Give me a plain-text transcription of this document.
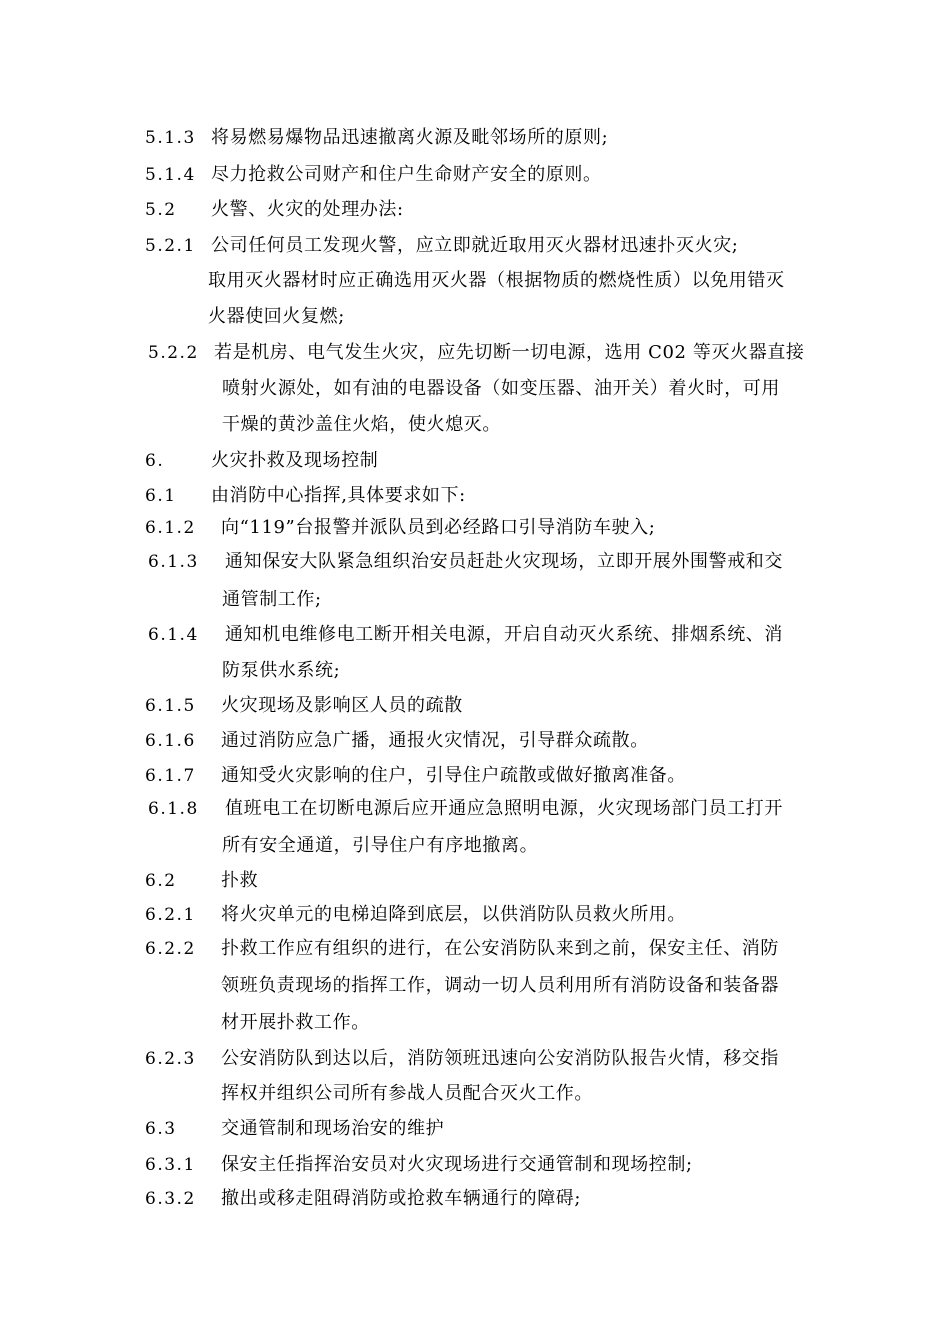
5.1.3 将易燃易爆物品迅速撤离火源及毗邻场所的原则;
5.1.4 尽力抢救公司财产和住户生命财产安全的原则。
5.2 火警、火灾的处理办法:
5.2.1 公司任何员工发现火警，应立即就近取用灭火器材迅速扑灭火灾;
取用灭火器材时应正确选用灭火器（根据物质的燃烧性质）以免用错灭
火器使回火复燃;
5.2.2 若是机房、电气发生火灾，应先切断一切电源，选用 C02 等灭火器直接
喷射火源处，如有油的电器设备（如变压器、油开关）着火时，可用
干燥的黄沙盖住火焰，使火熄灭。
6.	火灾扑救及现场控制
6.1 由消防中心指挥,具体要求如下:
6.1.2 向“119”台报警并派队员到必经路口引导消防车驶入;
6.1.3 通知保安大队紧急组织治安员赶赴火灾现场，立即开展外围警戒和交
通管制工作;
6.1.4 通知机电维修电工断开相关电源，开启自动灭火系统、排烟系统、消
防泵供水系统;
6.1.5 火灾现场及影响区人员的疏散
6.1.6 通过消防应急广播，通报火灾情况，引导群众疏散。
6.1.7 通知受火灾影响的住户，引导住户疏散或做好撤离准备。
6.1.8 值班电工在切断电源后应开通应急照明电源，火灾现场部门员工打开
所有安全通道，引导住户有序地撤离。
6.2 扑救
6.2.1 将火灾单元的电梯迫降到底层，以供消防队员救火所用。
6.2.2 扑救工作应有组织的进行，在公安消防队来到之前，保安主任、消防
领班负责现场的指挥工作，调动一切人员利用所有消防设备和装备器
材开展扑救工作。
6.2.3 公安消防队到达以后，消防领班迅速向公安消防队报告火情，移交指
挥权并组织公司所有参战人员配合灭火工作。
6.3 交通管制和现场治安的维护
6.3.1 保安主任指挥治安员对火灾现场进行交通管制和现场控制;
6.3.2 撤出或移走阻碍消防或抢救车辆通行的障碍;
